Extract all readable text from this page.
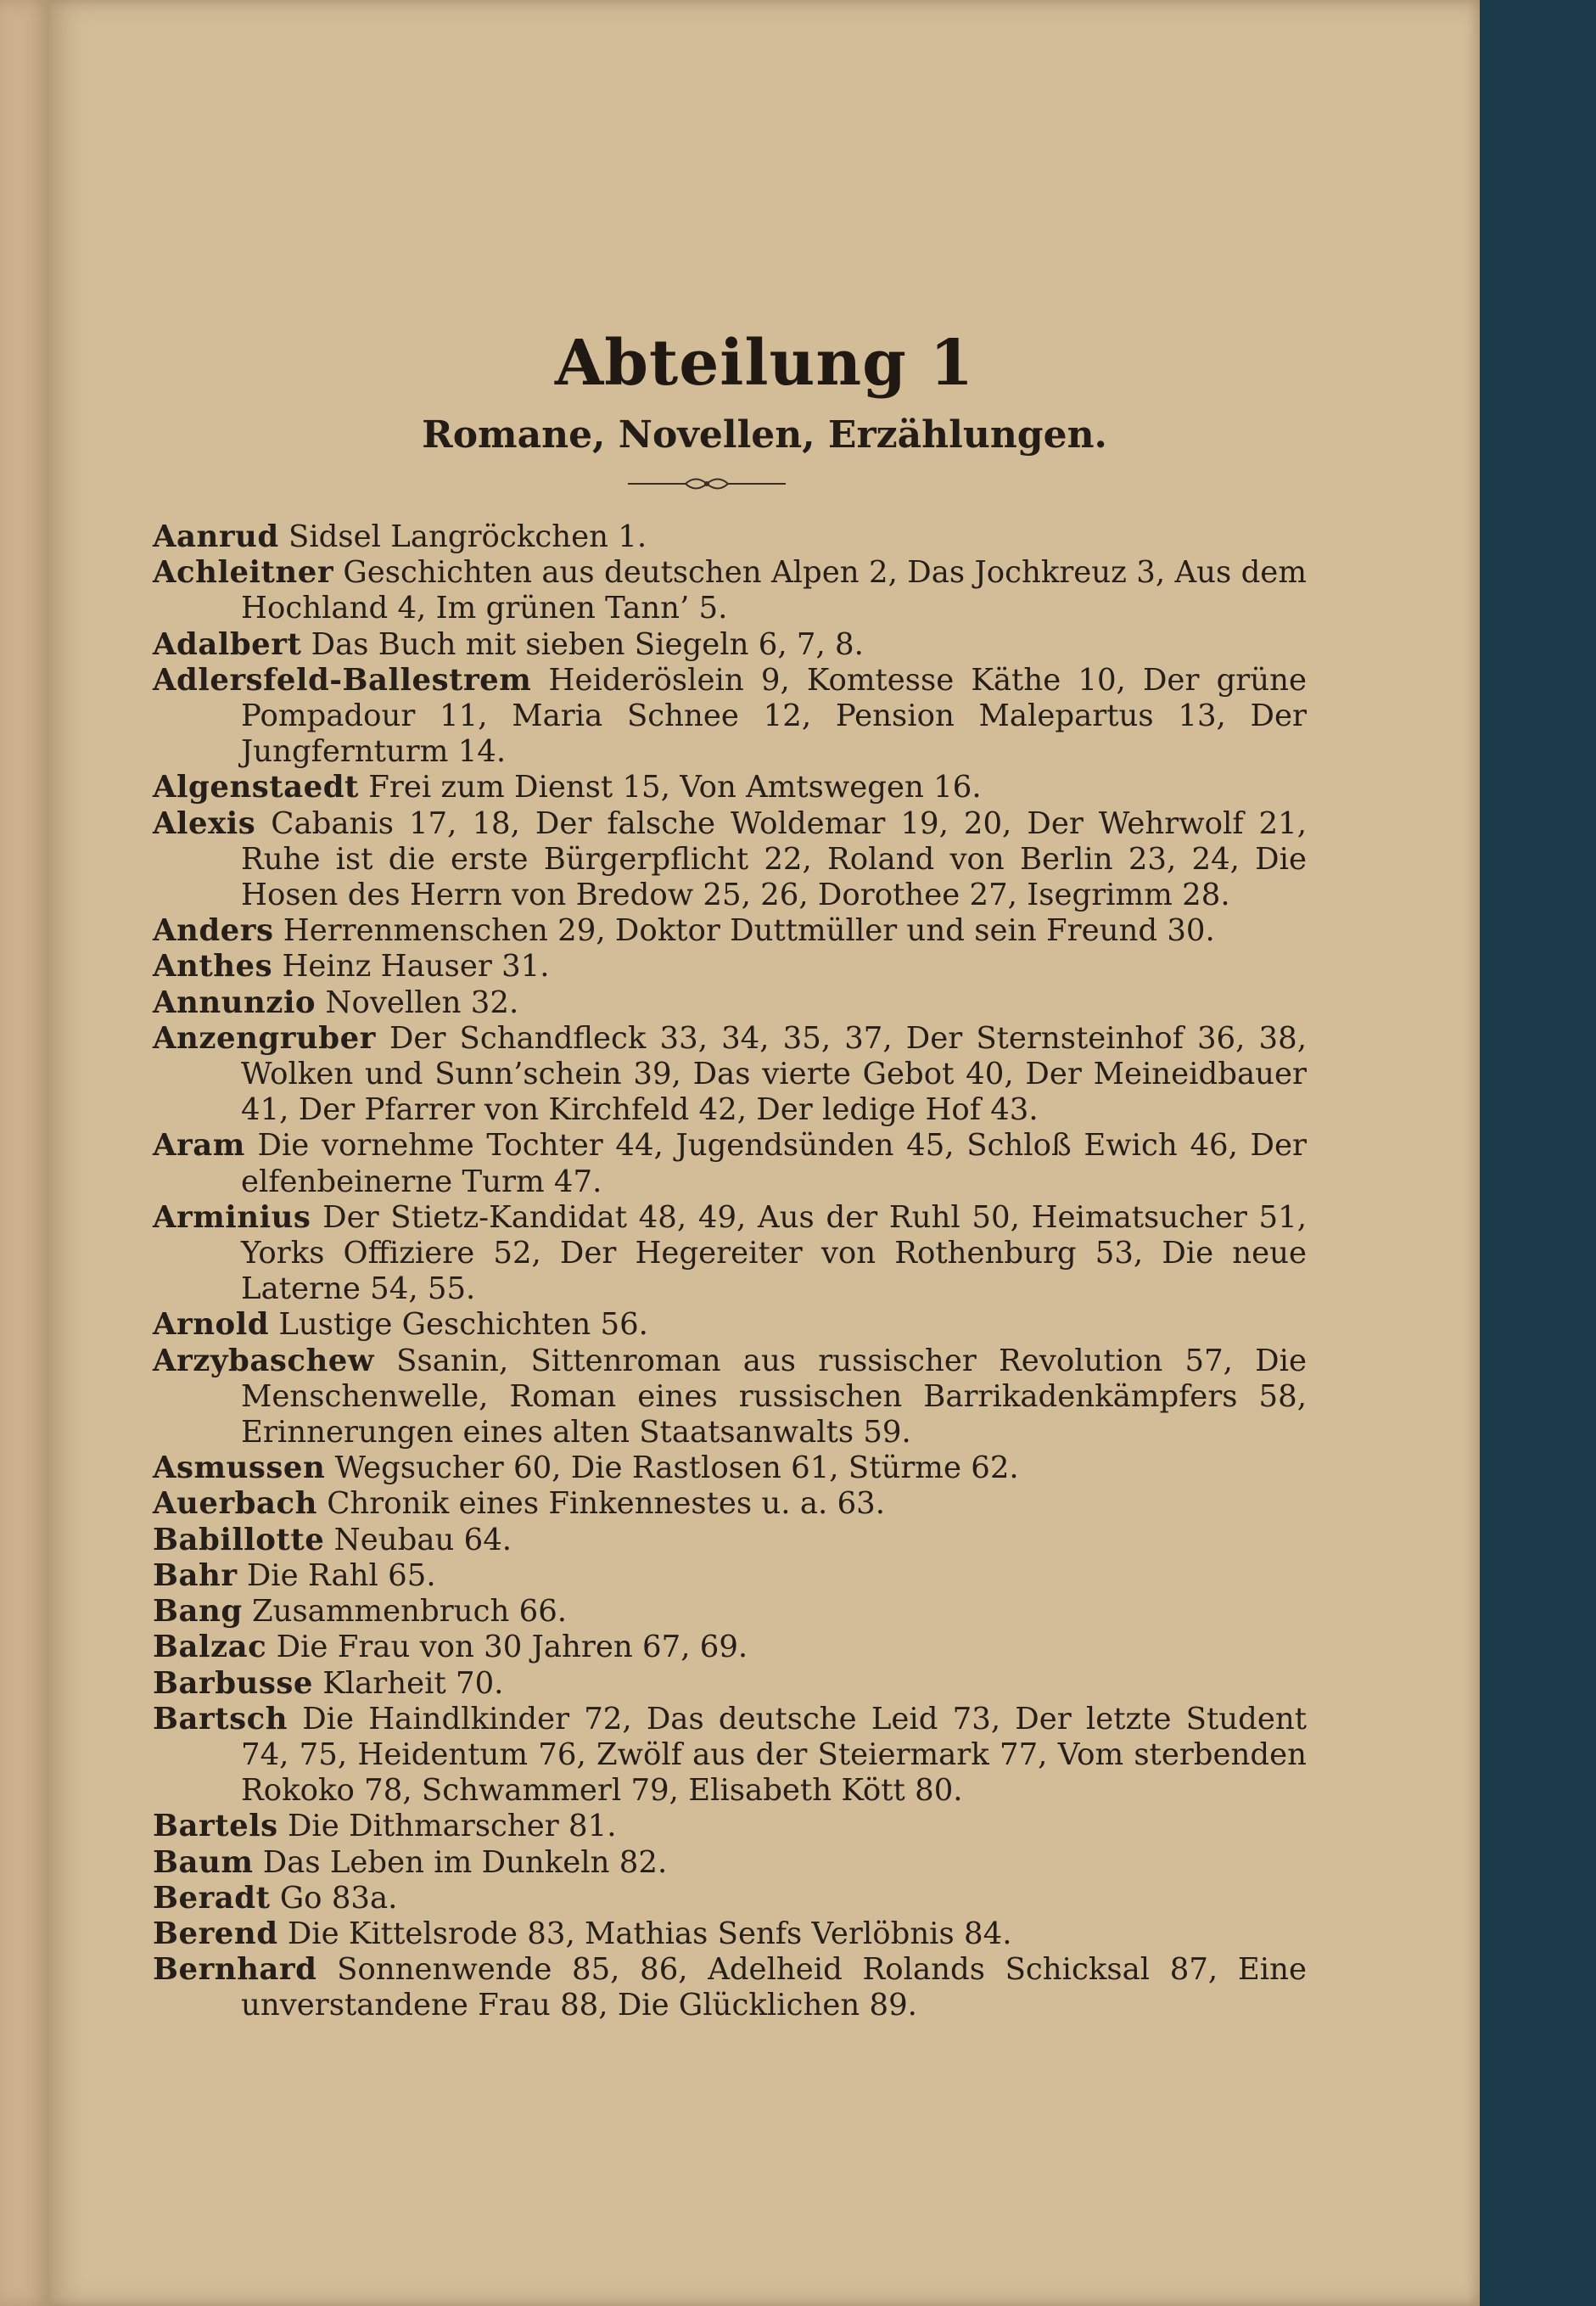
Abteilung 1
Romane, Novellen, Erzählungen.
Aanrud Sidsel Langröckchen 1.
Achleitner Geschichten aus deutschen Alpen 2, Das Jochkreuz 3, Aus dem Hochland 4, Im grünen Tann’ 5.
Adalbert Das Buch mit sieben Siegeln 6, 7, 8.
Adlersfeld-Ballestrem Heideröslein 9, Komtesse Käthe 10, Der grüne Pompadour 11, Maria Schnee 12, Pension Malepartus 13, Der Jungfernturm 14.
Algenstaedt Frei zum Dienst 15, Von Amtswegen 16.
Alexis Cabanis 17, 18, Der falsche Woldemar 19, 20, Der Wehrwolf 21, Ruhe ist die erste Bürgerpflicht 22, Roland von Berlin 23, 24, Die Hosen des Herrn von Bredow 25, 26, Dorothee 27, Isegrimm 28.
Anders Herrenmenschen 29, Doktor Duttmüller und sein Freund 30.
Anthes Heinz Hauser 31.
Annunzio Novellen 32.
Anzengruber Der Schandfleck 33, 34, 35, 37, Der Sternsteinhof 36, 38, Wolken und Sunn’schein 39, Das vierte Gebot 40, Der Meineidbauer 41, Der Pfarrer von Kirchfeld 42, Der ledige Hof 43.
Aram Die vornehme Tochter 44, Jugendsünden 45, Schloß Ewich 46, Der elfenbeinerne Turm 47.
Arminius Der Stietz-Kandidat 48, 49, Aus der Ruhl 50, Heimatsucher 51, Yorks Offiziere 52, Der Hegereiter von Rothenburg 53, Die neue Laterne 54, 55.
Arnold Lustige Geschichten 56.
Arzybaschew Ssanin, Sittenroman aus russischer Revolution 57, Die Menschenwelle, Roman eines russischen Barrikadenkämpfers 58, Erinnerungen eines alten Staatsanwalts 59.
Asmussen Wegsucher 60, Die Rastlosen 61, Stürme 62.
Auerbach Chronik eines Finkennestes u. a. 63.
Babillotte Neubau 64.
Bahr Die Rahl 65.
Bang Zusammenbruch 66.
Balzac Die Frau von 30 Jahren 67, 69.
Barbusse Klarheit 70.
Bartsch Die Haindlkinder 72, Das deutsche Leid 73, Der letzte Student 74, 75, Heidentum 76, Zwölf aus der Steiermark 77, Vom sterbenden Rokoko 78, Schwammerl 79, Elisabeth Kött 80.
Bartels Die Dithmarscher 81.
Baum Das Leben im Dunkeln 82.
Beradt Go 83a.
Berend Die Kittelsrode 83, Mathias Senfs Verlöbnis 84.
Bernhard Sonnenwende 85, 86, Adelheid Rolands Schicksal 87, Eine unverstandene Frau 88, Die Glücklichen 89.
